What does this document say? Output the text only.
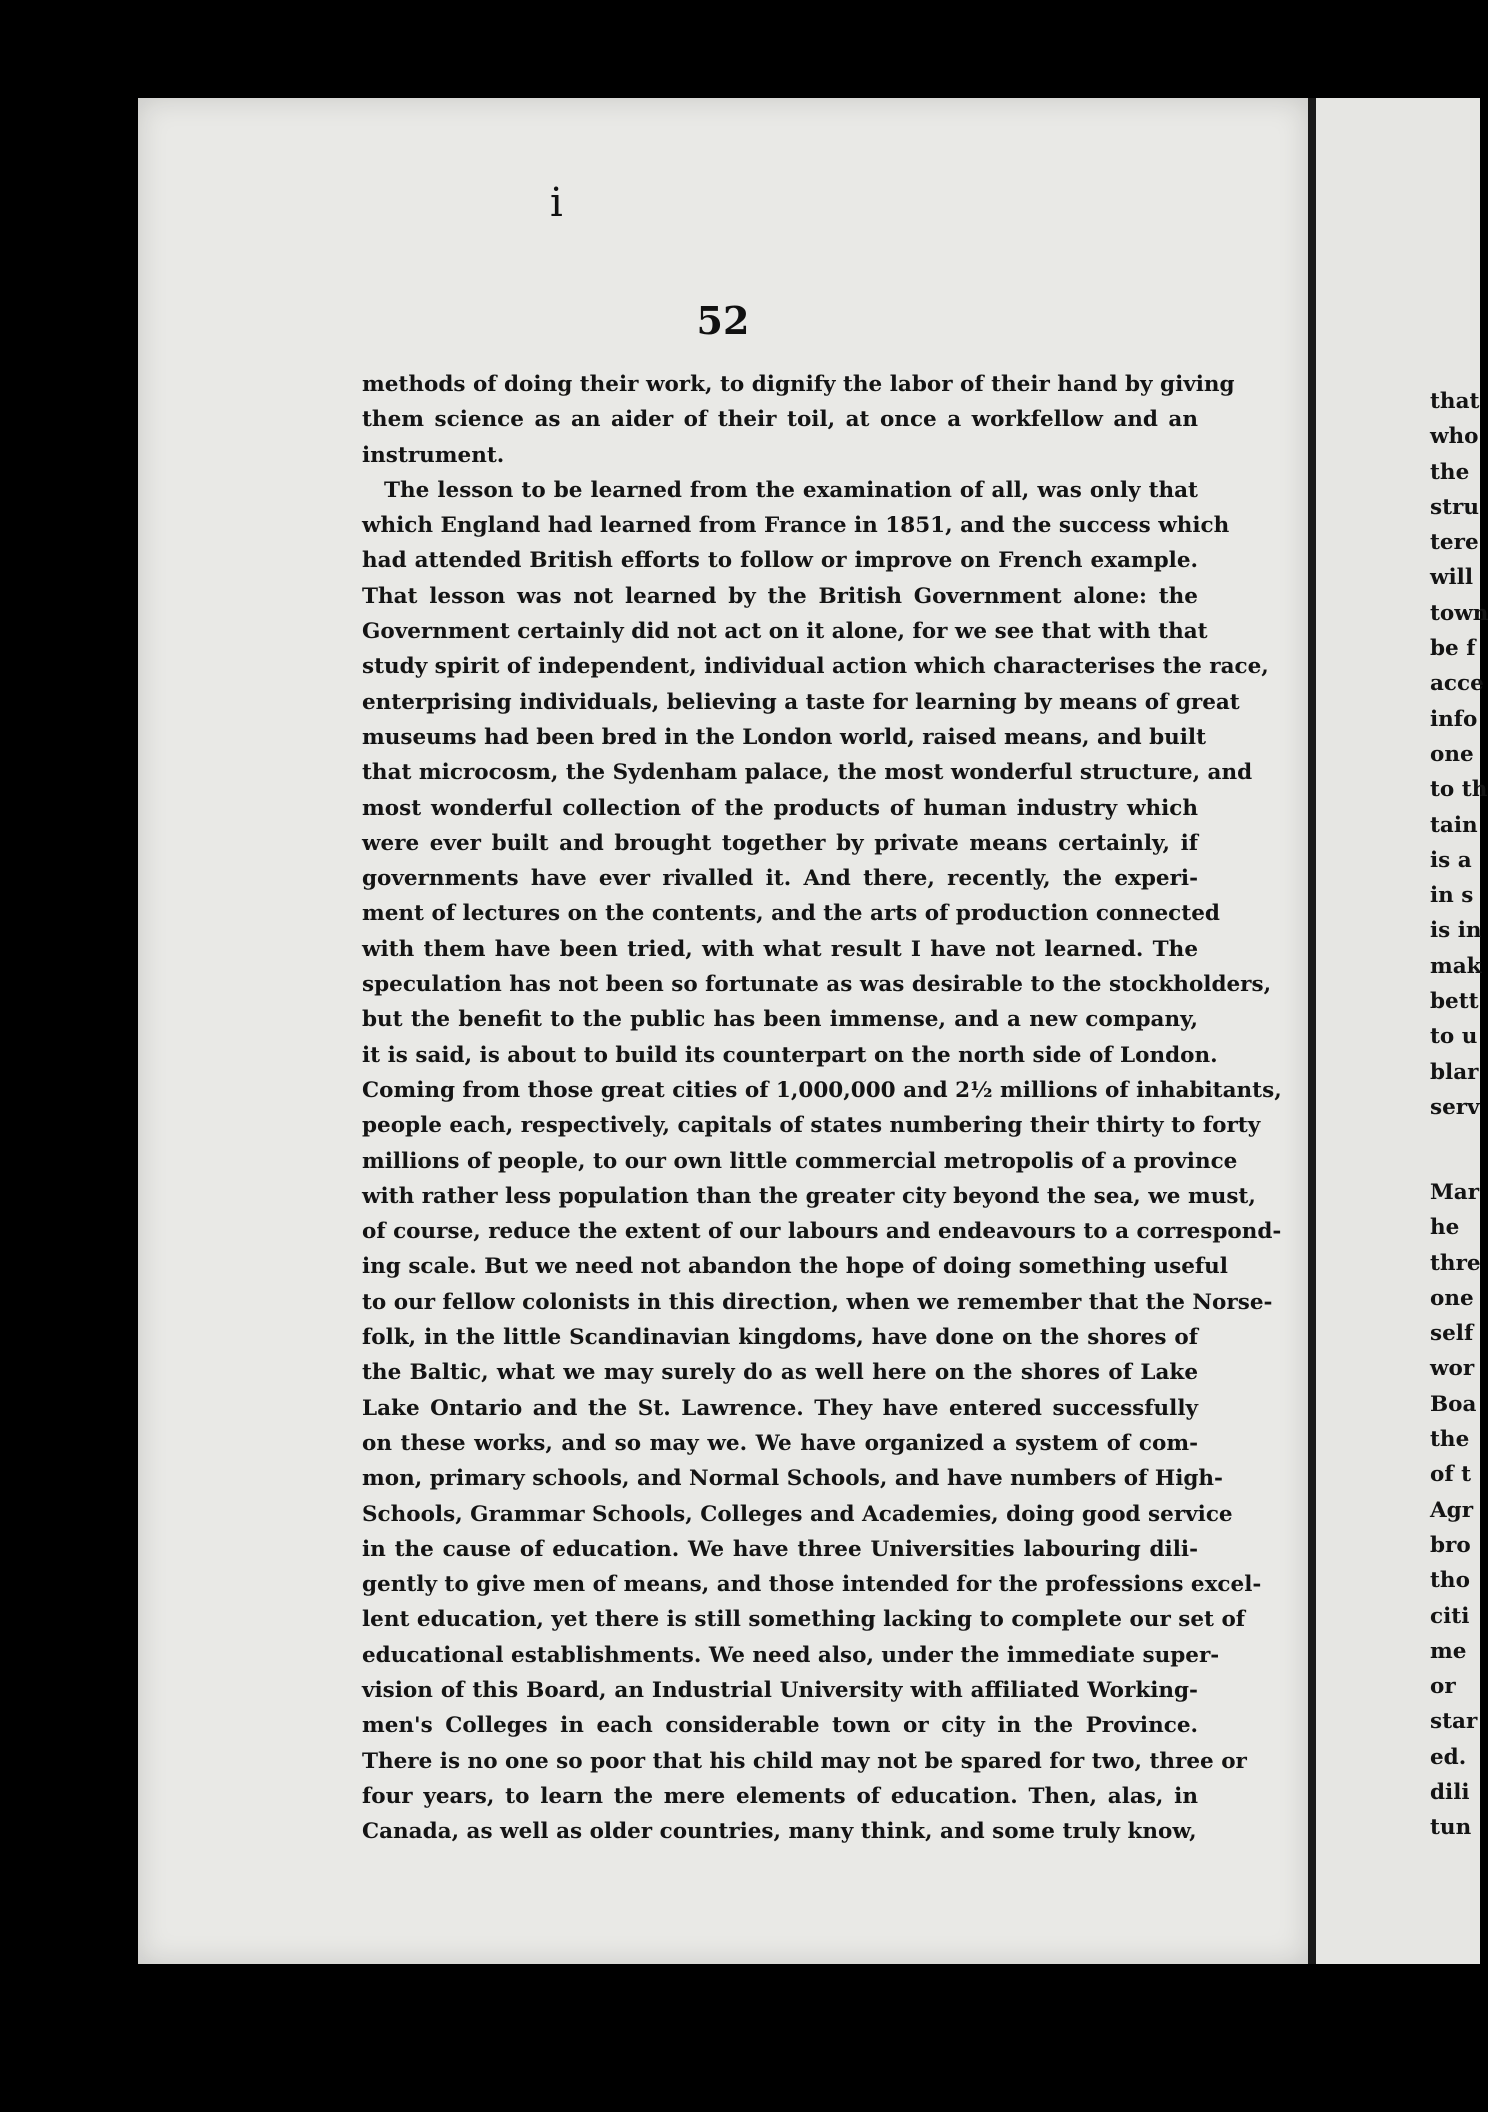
i
52
methods of doing their work, to dignify the labor of their hand by giving
them science as an aider of their toil, at once a workfellow and an
instrument.
The lesson to be learned from the examination of all, was only that
which England had learned from France in 1851, and the success which
had attended British efforts to follow or improve on French example.
That lesson was not learned by the British Government alone: the
Government certainly did not act on it alone, for we see that with that
study spirit of independent, individual action which characterises the race,
enterprising individuals, believing a taste for learning by means of great
museums had been bred in the London world, raised means, and built
that microcosm, the Sydenham palace, the most wonderful structure, and
most wonderful collection of the products of human industry which
were ever built and brought together by private means certainly, if
governments have ever rivalled it. And there, recently, the experi-
ment of lectures on the contents, and the arts of production connected
with them have been tried, with what result I have not learned. The
speculation has not been so fortunate as was desirable to the stockholders,
but the benefit to the public has been immense, and a new company,
it is said, is about to build its counterpart on the north side of London.
Coming from those great cities of 1,000,000 and 2½ millions of inhabitants,
people each, respectively, capitals of states numbering their thirty to forty
millions of people, to our own little commercial metropolis of a province
with rather less population than the greater city beyond the sea, we must,
of course, reduce the extent of our labours and endeavours to a correspond-
ing scale. But we need not abandon the hope of doing something useful
to our fellow colonists in this direction, when we remember that the Norse-
folk, in the little Scandinavian kingdoms, have done on the shores of
the Baltic, what we may surely do as well here on the shores of Lake
Lake Ontario and the St. Lawrence. They have entered successfully
on these works, and so may we. We have organized a system of com-
mon, primary schools, and Normal Schools, and have numbers of High-
Schools, Grammar Schools, Colleges and Academies, doing good service
in the cause of education. We have three Universities labouring dili-
gently to give men of means, and those intended for the professions excel-
lent education, yet there is still something lacking to complete our set of
educational establishments. We need also, under the immediate super-
vision of this Board, an Industrial University with affiliated Working-
men's Colleges in each considerable town or city in the Province.
There is no one so poor that his child may not be spared for two, three or
four years, to learn the mere elements of education. Then, alas, in
Canada, as well as older countries, many think, and some truly know,
that
who
the
stru
tere
will
town
be f
acce
info
one
to th
tain
is a
in s
is in
mak
bett
to u
blar
serv
Mar
he
thre
one
self
wor
Boa
the
of t
Agr
bro
tho
citi
me
or
star
ed.
dili
tun
